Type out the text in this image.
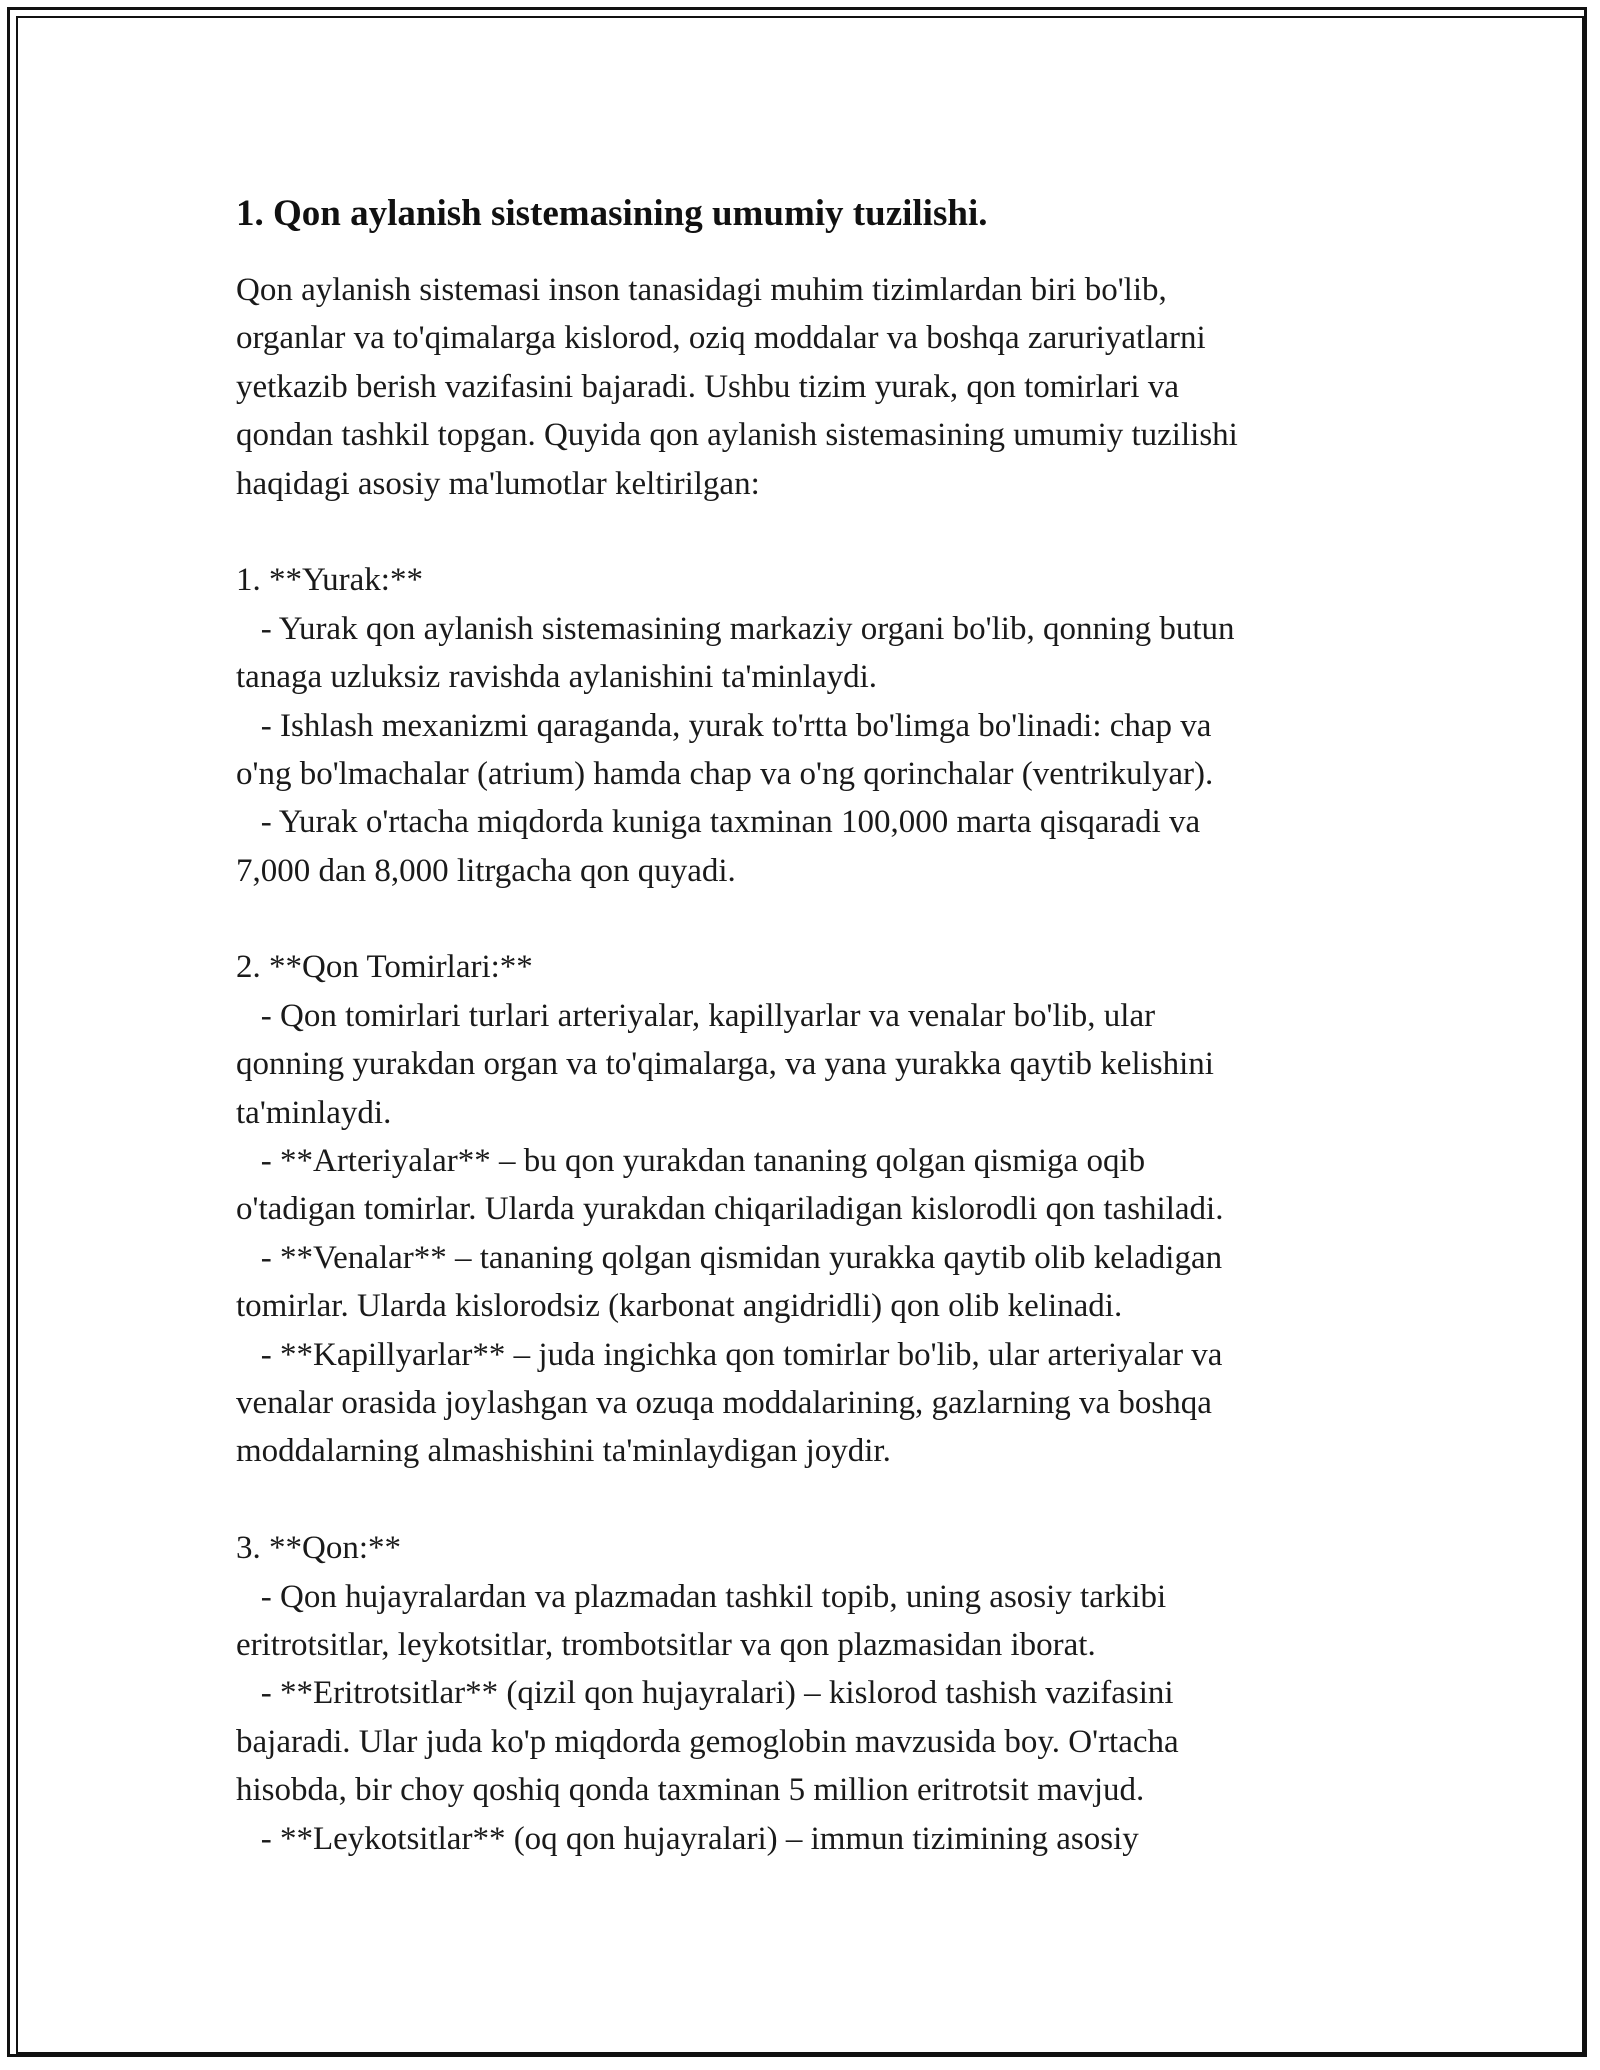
1. Qon aylanish sistemasining umumiy tuzilishi.
Qon aylanish sistemasi inson tanasidagi muhim tizimlardan biri bo'lib,
organlar va to'qimalarga kislorod, oziq moddalar va boshqa zaruriyatlarni
yetkazib berish vazifasini bajaradi. Ushbu tizim yurak, qon tomirlari va
qondan tashkil topgan. Quyida qon aylanish sistemasining umumiy tuzilishi
haqidagi asosiy ma'lumotlar keltirilgan:
1. **Yurak:**
- Yurak qon aylanish sistemasining markaziy organi bo'lib, qonning butun
tanaga uzluksiz ravishda aylanishini ta'minlaydi.
- Ishlash mexanizmi qaraganda, yurak to'rtta bo'limga bo'linadi: chap va
o'ng bo'lmachalar (atrium) hamda chap va o'ng qorinchalar (ventrikulyar).
- Yurak o'rtacha miqdorda kuniga taxminan 100,000 marta qisqaradi va
7,000 dan 8,000 litrgacha qon quyadi.
2. **Qon Tomirlari:**
- Qon tomirlari turlari arteriyalar, kapillyarlar va venalar bo'lib, ular
qonning yurakdan organ va to'qimalarga, va yana yurakka qaytib kelishini
ta'minlaydi.
- **Arteriyalar** – bu qon yurakdan tananing qolgan qismiga oqib
o'tadigan tomirlar. Ularda yurakdan chiqariladigan kislorodli qon tashiladi.
- **Venalar** – tananing qolgan qismidan yurakka qaytib olib keladigan
tomirlar. Ularda kislorodsiz (karbonat angidridli) qon olib kelinadi.
- **Kapillyarlar** – juda ingichka qon tomirlar bo'lib, ular arteriyalar va
venalar orasida joylashgan va ozuqa moddalarining, gazlarning va boshqa
moddalarning almashishini ta'minlaydigan joydir.
3. **Qon:**
- Qon hujayralardan va plazmadan tashkil topib, uning asosiy tarkibi
eritrotsitlar, leykotsitlar, trombotsitlar va qon plazmasidan iborat.
- **Eritrotsitlar** (qizil qon hujayralari) – kislorod tashish vazifasini
bajaradi. Ular juda ko'p miqdorda gemoglobin mavzusida boy. O'rtacha
hisobda, bir choy qoshiq qonda taxminan 5 million eritrotsit mavjud.
- **Leykotsitlar** (oq qon hujayralari) – immun tizimining asosiy
